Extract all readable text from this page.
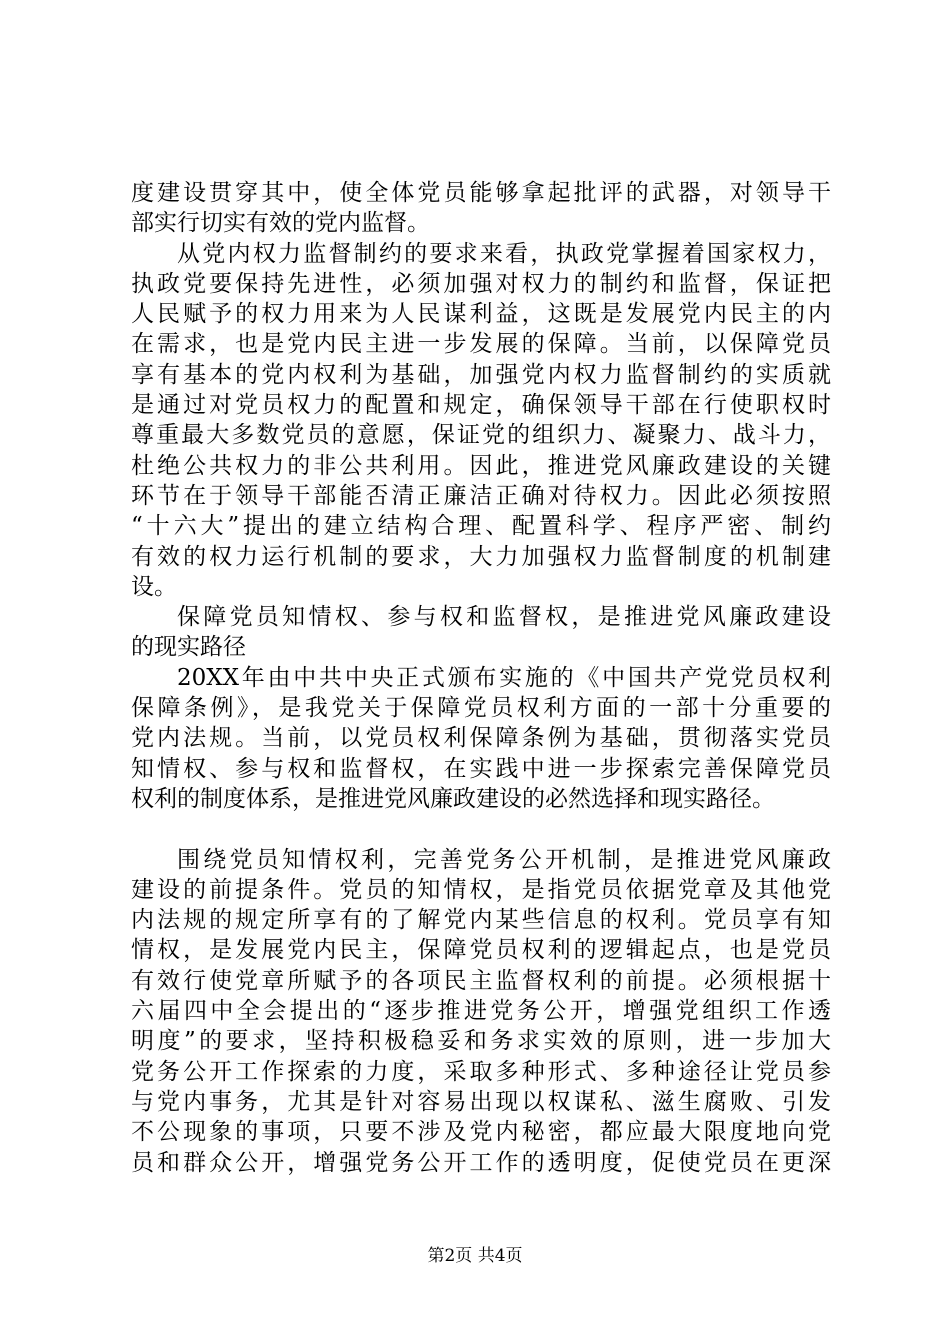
度建设贯穿其中，使全体党员能够拿起批评的武器，对领导干
部实行切实有效的党内监督。
从党内权力监督制约的要求来看，执政党掌握着国家权力，
执政党要保持先进性，必须加强对权力的制约和监督，保证把
人民赋予的权力用来为人民谋利益，这既是发展党内民主的内
在需求，也是党内民主进一步发展的保障。当前，以保障党员
享有基本的党内权利为基础，加强党内权力监督制约的实质就
是通过对党员权力的配置和规定，确保领导干部在行使职权时
尊重最大多数党员的意愿，保证党的组织力、凝聚力、战斗力，
杜绝公共权力的非公共利用。因此，推进党风廉政建设的关键
环节在于领导干部能否清正廉洁正确对待权力。因此必须按照
“十六大”提出的建立结构合理、配置科学、程序严密、制约
有效的权力运行机制的要求，大力加强权力监督制度的机制建
设。
保障党员知情权、参与权和监督权，是推进党风廉政建设
的现实路径
20XX年由中共中央正式颁布实施的《中国共产党党员权利
保障条例》，是我党关于保障党员权利方面的一部十分重要的
党内法规。当前，以党员权利保障条例为基础，贯彻落实党员
知情权、参与权和监督权，在实践中进一步探索完善保障党员
权利的制度体系，是推进党风廉政建设的必然选择和现实路径。
围绕党员知情权利，完善党务公开机制，是推进党风廉政
建设的前提条件。党员的知情权，是指党员依据党章及其他党
内法规的规定所享有的了解党内某些信息的权利。党员享有知
情权，是发展党内民主，保障党员权利的逻辑起点，也是党员
有效行使党章所赋予的各项民主监督权利的前提。必须根据十
六届四中全会提出的“逐步推进党务公开，增强党组织工作透
明度”的要求，坚持积极稳妥和务求实效的原则，进一步加大
党务公开工作探索的力度，采取多种形式、多种途径让党员参
与党内事务，尤其是针对容易出现以权谋私、滋生腐败、引发
不公现象的事项，只要不涉及党内秘密，都应最大限度地向党
员和群众公开，增强党务公开工作的透明度，促使党员在更深
第2页 共4页
